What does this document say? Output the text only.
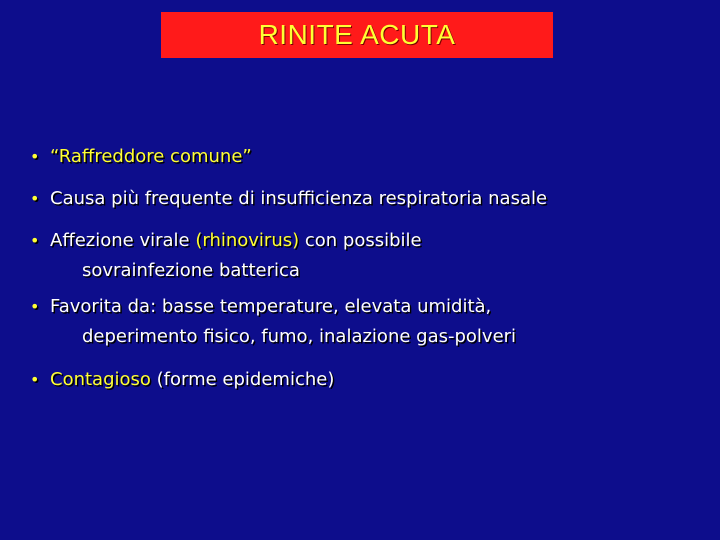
RINITE ACUTA
• “Raffreddore comune”
• Causa più frequente di insufficienza respiratoria nasale
• Affezione virale (rhinovirus) con possibile
sovrainfezione batterica
• Favorita da: basse temperature, elevata umidità,
deperimento fisico, fumo, inalazione gas-polveri
• Contagioso (forme epidemiche)
